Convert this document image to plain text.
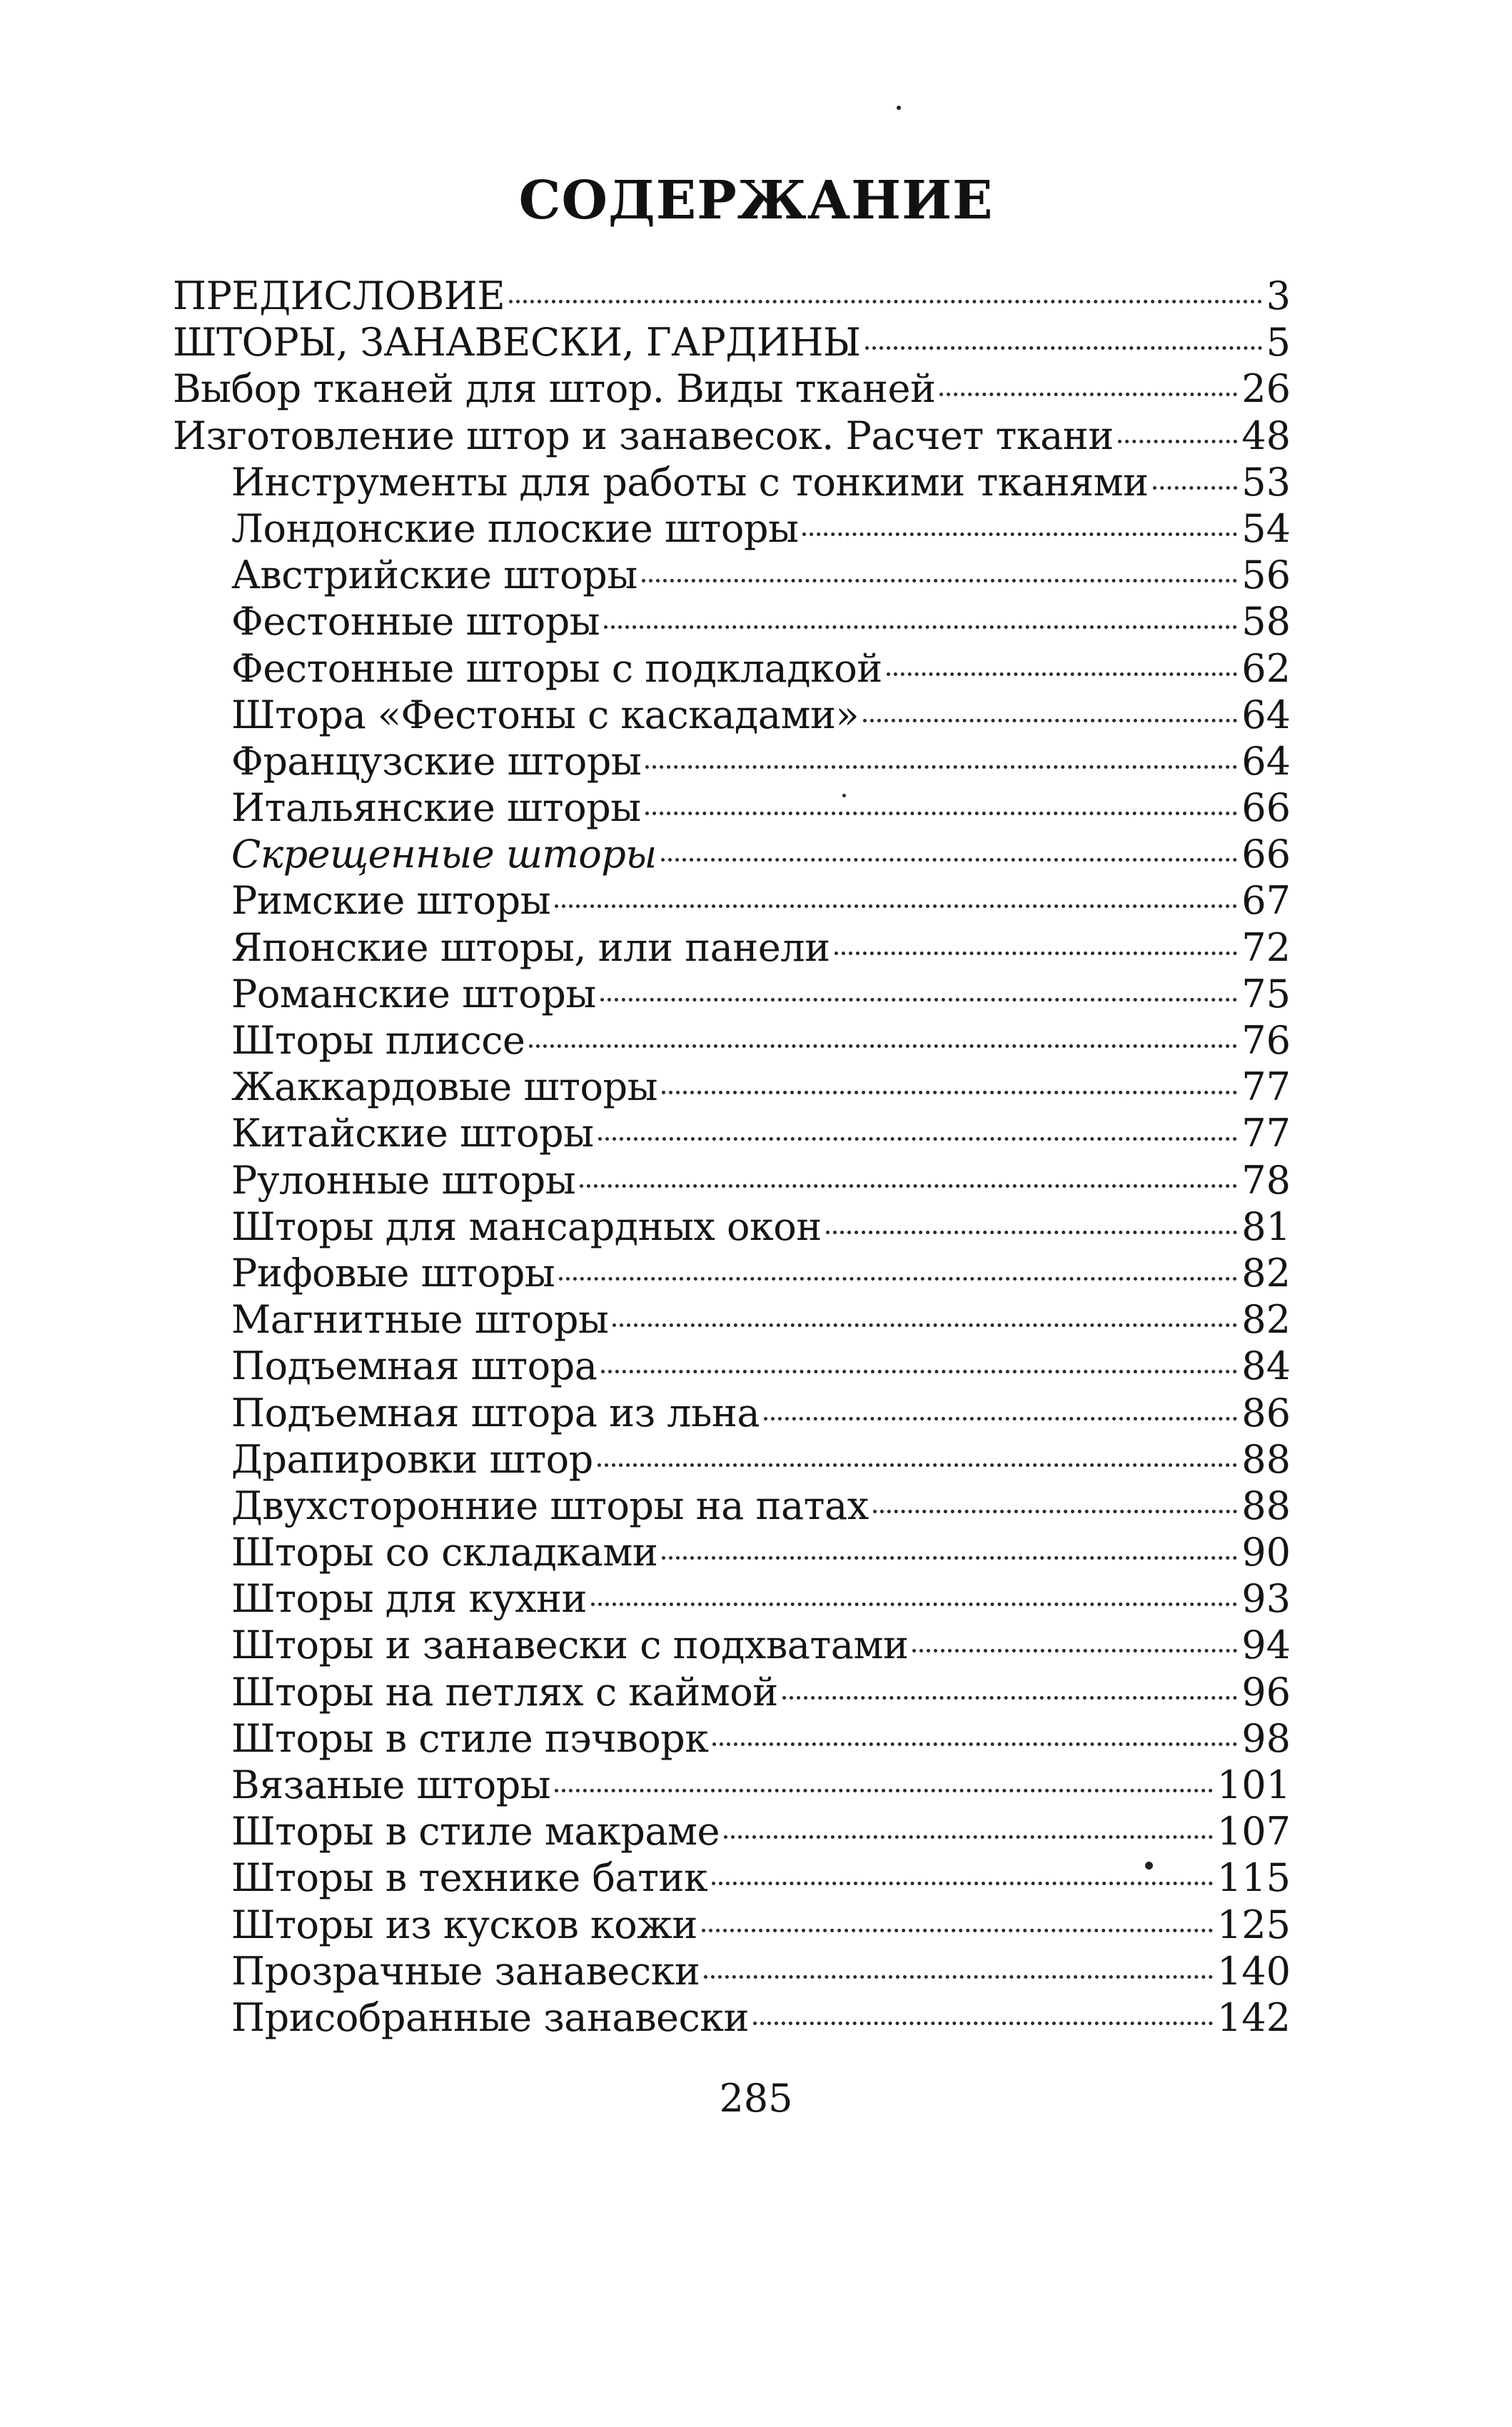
СОДЕРЖАНИЕ
ПРЕДИСЛОВИЕ	3
ШТОРЫ, ЗАНАВЕСКИ, ГАРДИНЫ	5
Выбор тканей для штор. Виды тканей	26
Изготовление штор и занавесок. Расчет ткани	48
Инструменты для работы с тонкими тканями 53
Лондонские плоские шторы	54
Австрийские шторы	56
Фестонные шторы	58
Фестонные шторы с подкладкой	62
Штора «Фестоны с каскадами»	64
Французские шторы	64
Итальянские шторы	66
Скрещенные шторы	66
Римские шторы	67
Японские шторы, или панели	72
Романские шторы	75
Шторы плиссе	76
Жаккардовые шторы	77
Китайские шторы	77
Рулонные шторы	78
Шторы для мансардных окон	81
Рифовые шторы	82
Магнитные шторы	82
Подъемная штора	84
Подъемная штора из льна	86
Драпировки штор	88
Двухсторонние шторы на патах	88
Шторы со складками	90
Шторы для кухни	93
Шторы и занавески с подхватами	94
Шторы на петлях с каймой	96
Шторы в стиле пэчворк	98
Вязаные шторы	101
Шторы в стиле макраме	107
Шторы в технике батик	115
Шторы из кусков кожи	125
Прозрачные занавески	140
Присобранные занавески	142
285
